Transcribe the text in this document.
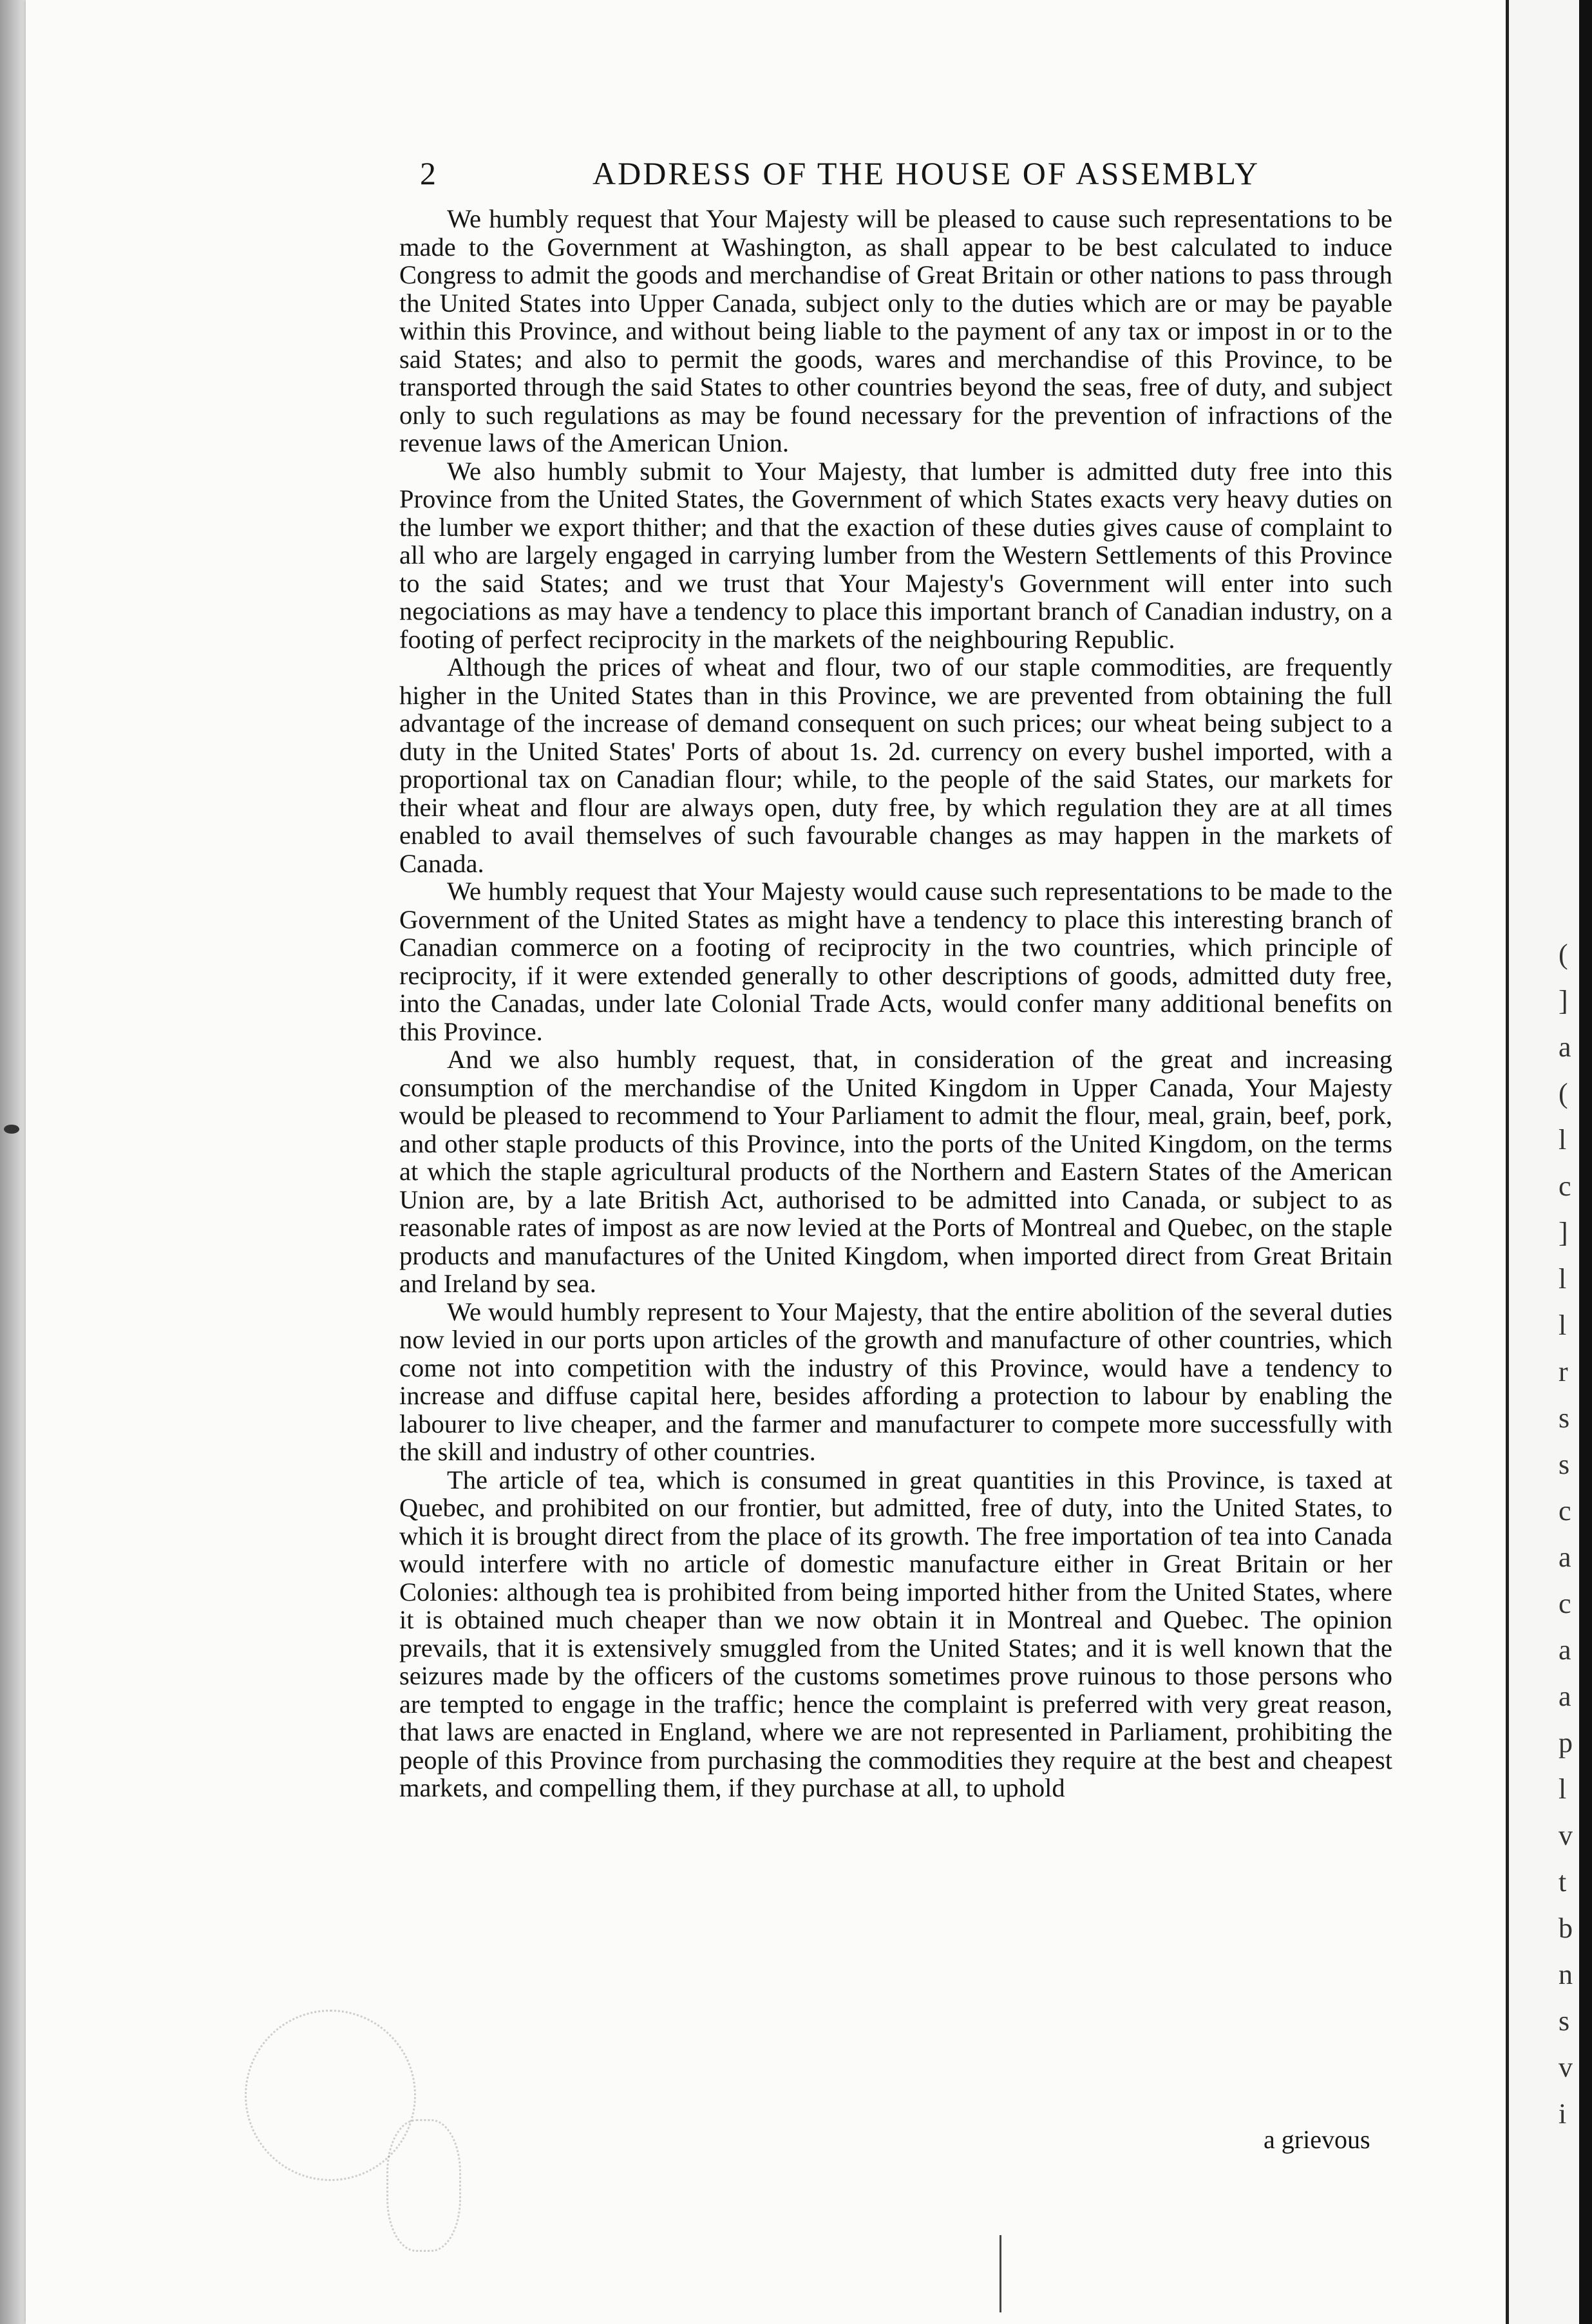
2	ADDRESS OF THE HOUSE OF ASSEMBLY

We humbly request that Your Majesty will be pleased to cause such representations to be made to the Government at Washington, as shall appear to be best calculated to induce Congress to admit the goods and merchandise of Great Britain or other nations to pass through the United States into Upper Canada, subject only to the duties which are or may be payable within this Province, and without being liable to the payment of any tax or impost in or to the said States; and also to permit the goods, wares and merchandise of this Province, to be transported through the said States to other countries beyond the seas, free of duty, and subject only to such regulations as may be found necessary for the prevention of infractions of the revenue laws of the American Union.

We also humbly submit to Your Majesty, that lumber is admitted duty free into this Province from the United States, the Government of which States exacts very heavy duties on the lumber we export thither; and that the exaction of these duties gives cause of complaint to all who are largely engaged in carrying lumber from the Western Settlements of this Province to the said States; and we trust that Your Majesty's Government will enter into such negociations as may have a tendency to place this important branch of Canadian industry, on a footing of perfect reciprocity in the markets of the neighbouring Republic.

Although the prices of wheat and flour, two of our staple commodities, are frequently higher in the United States than in this Province, we are prevented from obtaining the full advantage of the increase of demand consequent on such prices; our wheat being subject to a duty in the United States' Ports of about 1s. 2d. currency on every bushel imported, with a proportional tax on Canadian flour; while, to the people of the said States, our markets for their wheat and flour are always open, duty free, by which regulation they are at all times enabled to avail themselves of such favourable changes as may happen in the markets of Canada.

We humbly request that Your Majesty would cause such representations to be made to the Government of the United States as might have a tendency to place this interesting branch of Canadian commerce on a footing of reciprocity in the two countries, which principle of reciprocity, if it were extended generally to other descriptions of goods, admitted duty free, into the Canadas, under late Colonial Trade Acts, would confer many additional benefits on this Province.

And we also humbly request, that, in consideration of the great and increasing consumption of the merchandise of the United Kingdom in Upper Canada, Your Majesty would be pleased to recommend to Your Parliament to admit the flour, meal, grain, beef, pork, and other staple products of this Province, into the ports of the United Kingdom, on the terms at which the staple agricultural products of the Northern and Eastern States of the American Union are, by a late British Act, authorised to be admitted into Canada, or subject to as reasonable rates of impost as are now levied at the Ports of Montreal and Quebec, on the staple products and manufactures of the United Kingdom, when imported direct from Great Britain and Ireland by sea.

We would humbly represent to Your Majesty, that the entire abolition of the several duties now levied in our ports upon articles of the growth and manufacture of other countries, which come not into competition with the industry of this Province, would have a tendency to increase and diffuse capital here, besides affording a protection to labour by enabling the labourer to live cheaper, and the farmer and manufacturer to compete more successfully with the skill and industry of other countries.

The article of tea, which is consumed in great quantities in this Province, is taxed at Quebec, and prohibited on our frontier, but admitted, free of duty, into the United States, to which it is brought direct from the place of its growth. The free importation of tea into Canada would interfere with no article of domestic manufacture either in Great Britain or her Colonies: although tea is prohibited from being imported hither from the United States, where it is obtained much cheaper than we now obtain it in Montreal and Quebec. The opinion prevails, that it is extensively smuggled from the United States; and it is well known that the seizures made by the officers of the customs sometimes prove ruinous to those persons who are tempted to engage in the traffic; hence the complaint is preferred with very great reason, that laws are enacted in England, where we are not represented in Parliament, prohibiting the people of this Province from purchasing the commodities they require at the best and cheapest markets, and compelling them, if they purchase at all, to uphold

a grievous
(
]
a
(
l
c
]
l
l
r
s
s
c
a
c
a
a
p
l
v
t
b
n
s
v
i
